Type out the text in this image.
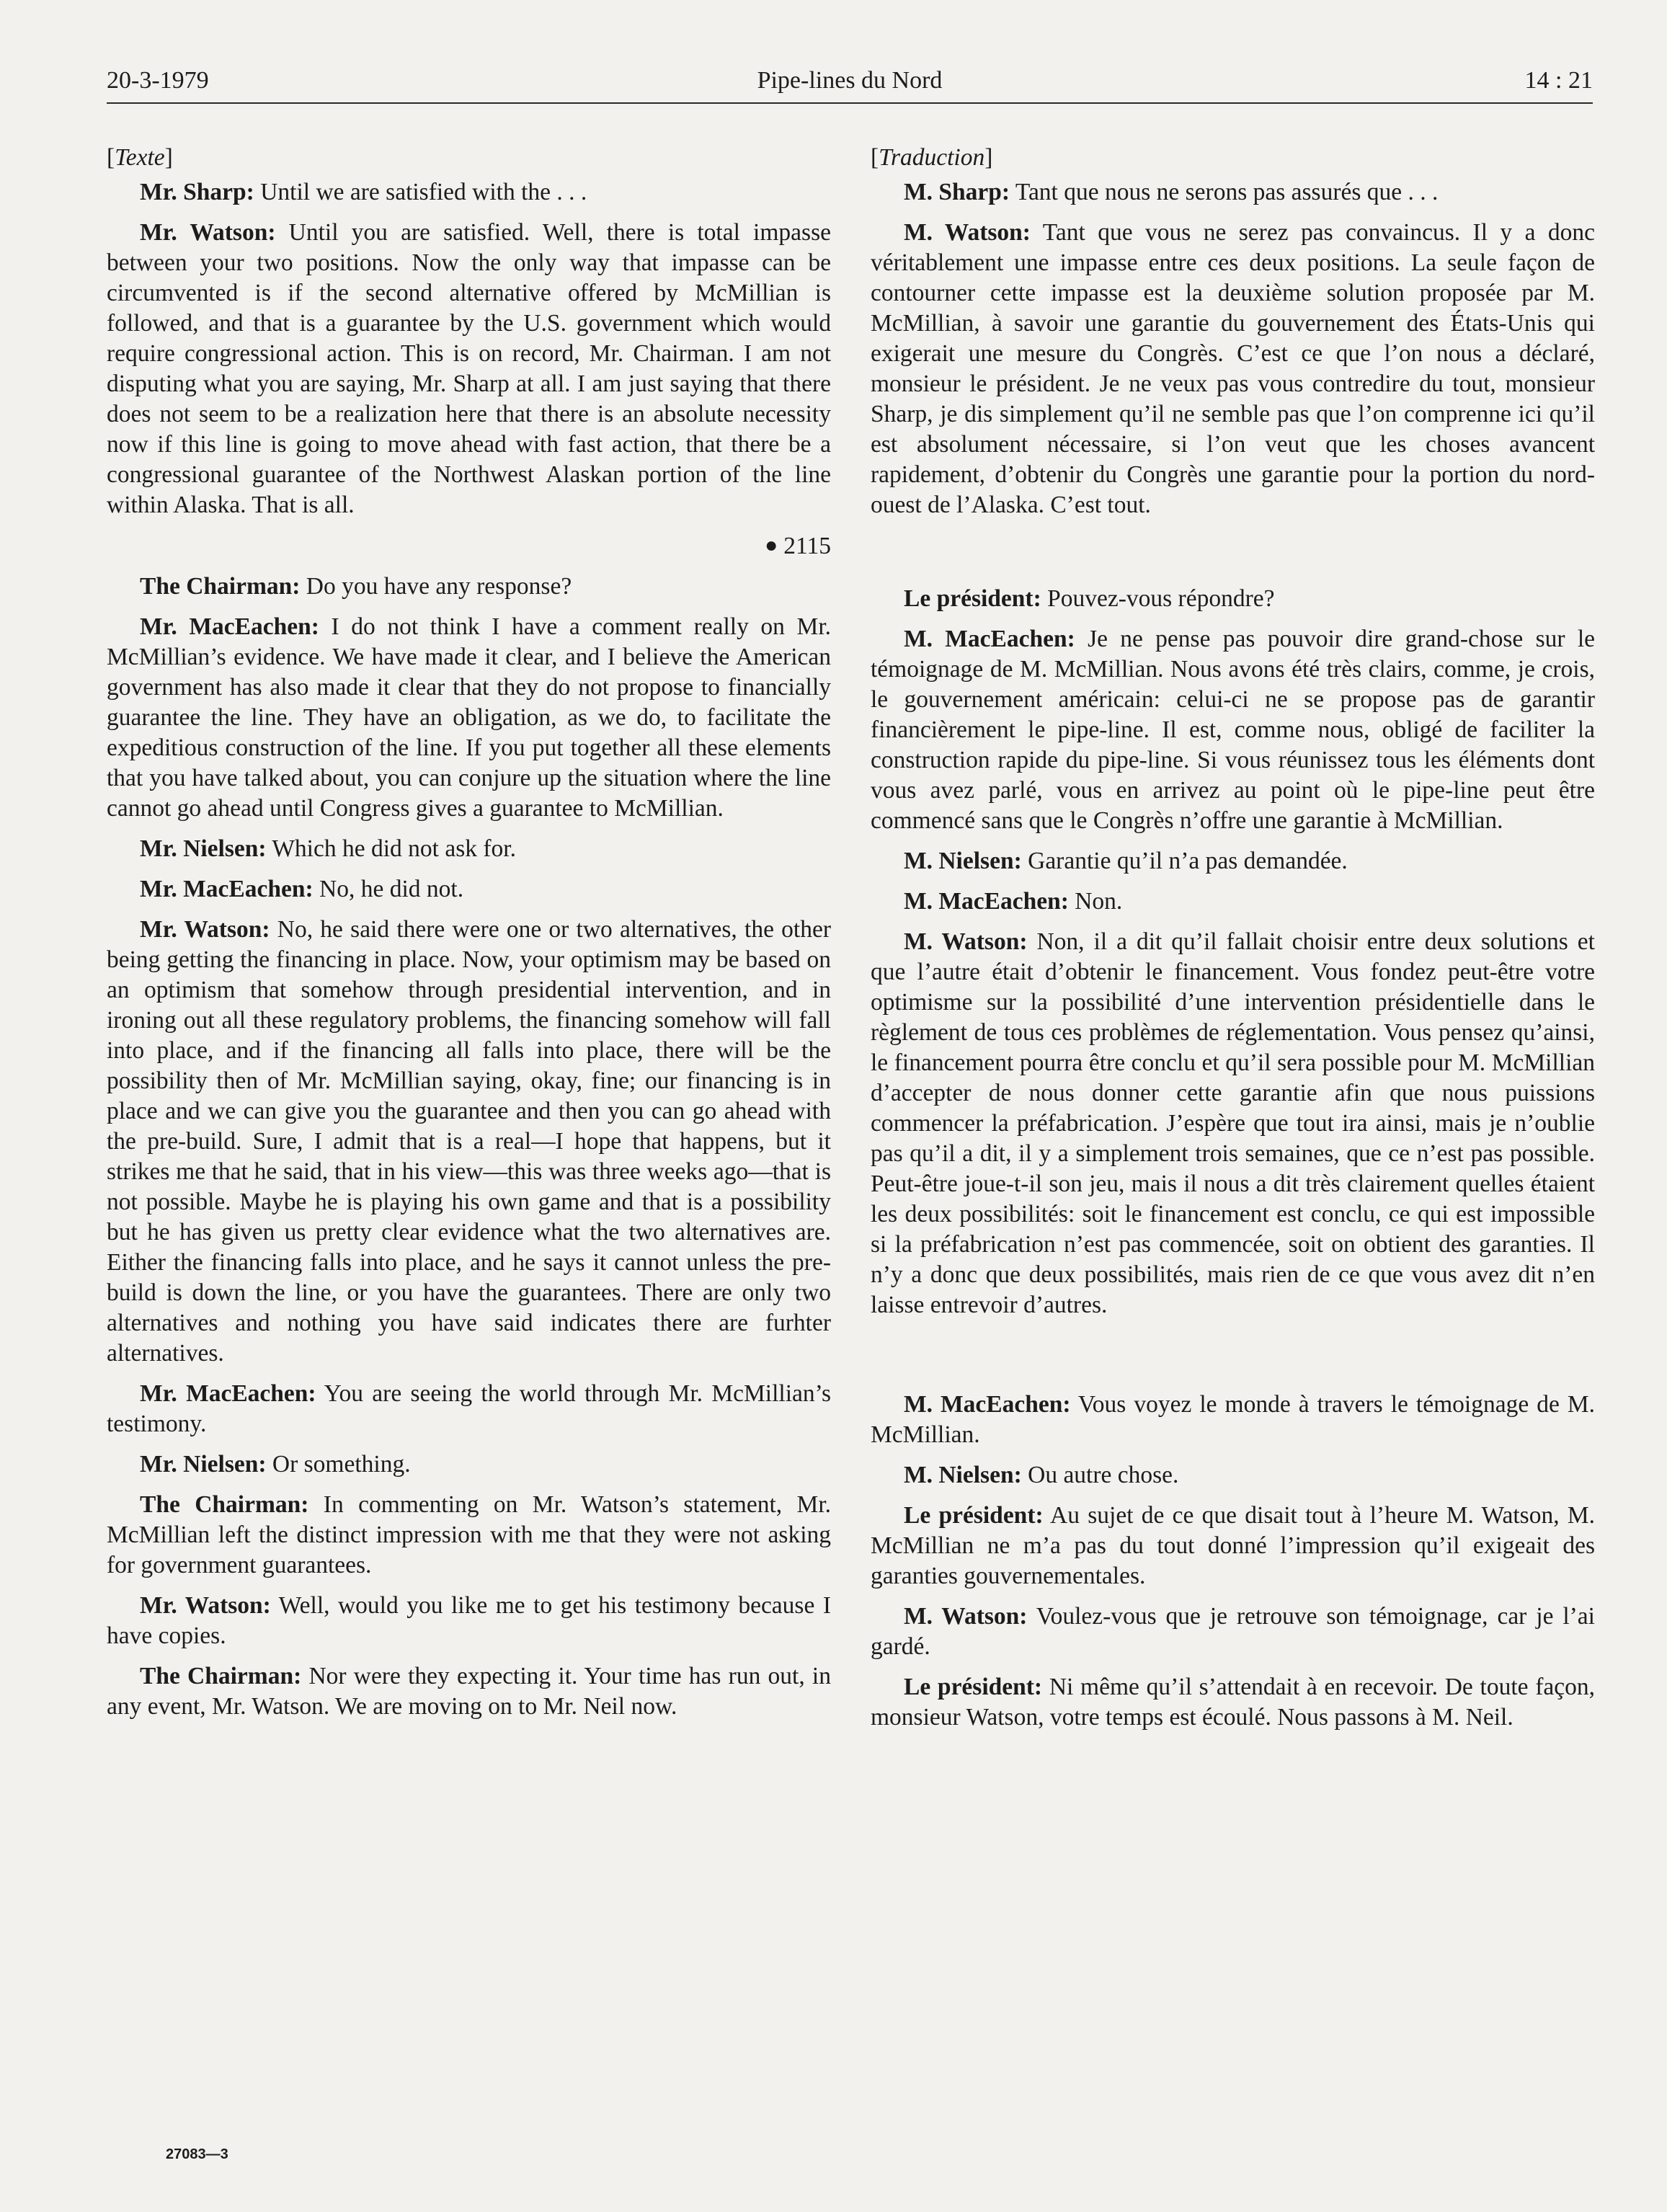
20-3-1979	Pipe-lines du Nord	14 : 21

[Texte]

Mr. Sharp: Until we are satisfied with the . . .

Mr. Watson: Until you are satisfied. Well, there is total impasse between your two positions. Now the only way that impasse can be circumvented is if the second alternative offered by McMillian is followed, and that is a guarantee by the U.S. government which would require congressional action. This is on record, Mr. Chairman. I am not disputing what you are saying, Mr. Sharp at all. I am just saying that there does not seem to be a realization here that there is an absolute necessity now if this line is going to move ahead with fast action, that there be a congressional guarantee of the Northwest Alaskan portion of the line within Alaska. That is all.

● 2115

The Chairman: Do you have any response?

Mr. MacEachen: I do not think I have a comment really on Mr. McMillian’s evidence. We have made it clear, and I believe the American government has also made it clear that they do not propose to financially guarantee the line. They have an obligation, as we do, to facilitate the expeditious construction of the line. If you put together all these elements that you have talked about, you can conjure up the situation where the line cannot go ahead until Congress gives a guarantee to McMillian.

Mr. Nielsen: Which he did not ask for.

Mr. MacEachen: No, he did not.

Mr. Watson: No, he said there were one or two alternatives, the other being getting the financing in place. Now, your optimism may be based on an optimism that somehow through presidential intervention, and in ironing out all these regulatory problems, the financing somehow will fall into place, and if the financing all falls into place, there will be the possibility then of Mr. McMillian saying, okay, fine; our financing is in place and we can give you the guarantee and then you can go ahead with the pre-build. Sure, I admit that is a real—I hope that happens, but it strikes me that he said, that in his view—this was three weeks ago—that is not possible. Maybe he is playing his own game and that is a possibility but he has given us pretty clear evidence what the two alternatives are. Either the financing falls into place, and he says it cannot unless the pre-build is down the line, or you have the guarantees. There are only two alternatives and nothing you have said indicates there are furhter alternatives.

Mr. MacEachen: You are seeing the world through Mr. McMillian’s testimony.

Mr. Nielsen: Or something.

The Chairman: In commenting on Mr. Watson’s statement, Mr. McMillian left the distinct impression with me that they were not asking for government guarantees.

Mr. Watson: Well, would you like me to get his testimony because I have copies.

The Chairman: Nor were they expecting it. Your time has run out, in any event, Mr. Watson. We are moving on to Mr. Neil now.

[Traduction]

M. Sharp: Tant que nous ne serons pas assurés que . . .

M. Watson: Tant que vous ne serez pas convaincus. Il y a donc véritablement une impasse entre ces deux positions. La seule façon de contourner cette impasse est la deuxième solution proposée par M. McMillian, à savoir une garantie du gouvernement des États-Unis qui exigerait une mesure du Congrès. C’est ce que l’on nous a déclaré, monsieur le président. Je ne veux pas vous contredire du tout, monsieur Sharp, je dis simplement qu’il ne semble pas que l’on comprenne ici qu’il est absolument nécessaire, si l’on veut que les choses avancent rapidement, d’obtenir du Congrès une garantie pour la portion du nord-ouest de l’Alaska. C’est tout.

Le président: Pouvez-vous répondre?

M. MacEachen: Je ne pense pas pouvoir dire grand-chose sur le témoignage de M. McMillian. Nous avons été très clairs, comme, je crois, le gouvernement américain: celui-ci ne se propose pas de garantir financièrement le pipe-line. Il est, comme nous, obligé de faciliter la construction rapide du pipe-line. Si vous réunissez tous les éléments dont vous avez parlé, vous en arrivez au point où le pipe-line peut être commencé sans que le Congrès n’offre une garantie à McMillian.

M. Nielsen: Garantie qu’il n’a pas demandée.

M. MacEachen: Non.

M. Watson: Non, il a dit qu’il fallait choisir entre deux solutions et que l’autre était d’obtenir le financement. Vous fondez peut-être votre optimisme sur la possibilité d’une intervention présidentielle dans le règlement de tous ces problèmes de réglementation. Vous pensez qu’ainsi, le financement pourra être conclu et qu’il sera possible pour M. McMillian d’accepter de nous donner cette garantie afin que nous puissions commencer la préfabrication. J’espère que tout ira ainsi, mais je n’oublie pas qu’il a dit, il y a simplement trois semaines, que ce n’est pas possible. Peut-être joue-t-il son jeu, mais il nous a dit très clairement quelles étaient les deux possibilités: soit le financement est conclu, ce qui est impossible si la préfabrication n’est pas commencée, soit on obtient des garanties. Il n’y a donc que deux possibilités, mais rien de ce que vous avez dit n’en laisse entrevoir d’autres.

M. MacEachen: Vous voyez le monde à travers le témoignage de M. McMillian.

M. Nielsen: Ou autre chose.

Le président: Au sujet de ce que disait tout à l’heure M. Watson, M. McMillian ne m’a pas du tout donné l’impression qu’il exigeait des garanties gouvernementales.

M. Watson: Voulez-vous que je retrouve son témoignage, car je l’ai gardé.

Le président: Ni même qu’il s’attendait à en recevoir. De toute façon, monsieur Watson, votre temps est écoulé. Nous passons à M. Neil.

27083—3
